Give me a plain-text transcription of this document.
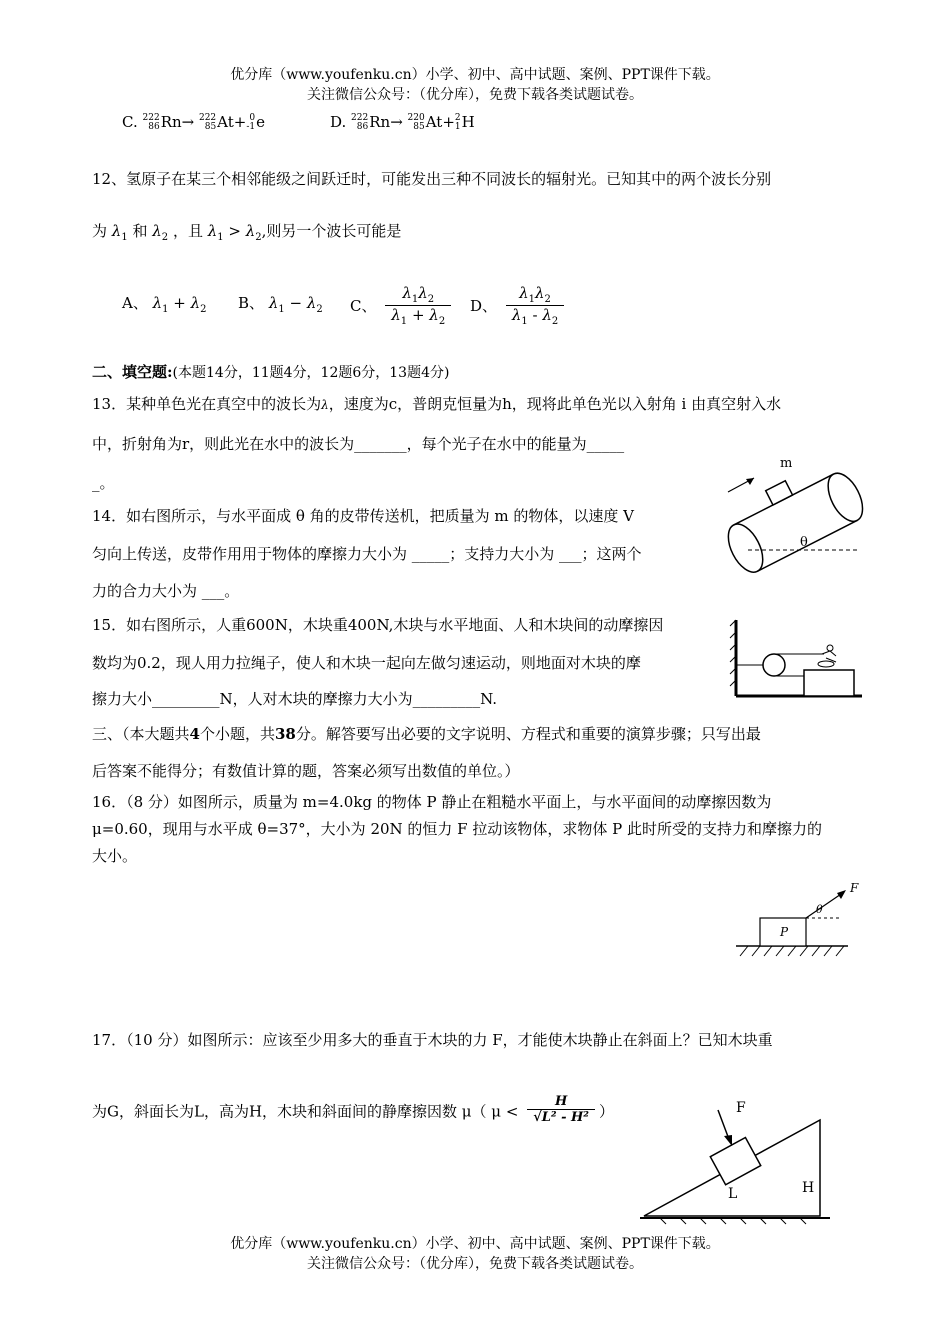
优分库（www.youfenku.cn）小学、初中、高中试题、案例、PPT课件下载。
关注微信公众号：（优分库），免费下载各类试题试卷。
C. 222
86Rn→ 222
85At+ 0
-1e	D. 222
86Rn→ 220
85At+2
1H
12、氢原子在某三个相邻能级之间跃迁时，可能发出三种不同波长的辐射光。已知其中的两个波长分别
为 $\lambda_1$ 和 $\lambda_2$ ，且 $\lambda_1 > \lambda_2$,则另一个波长可能是
A、 $\lambda_1 + \lambda_2$ B、 $\lambda_1 - \lambda_2$ C、 $\frac{\lambda_1\lambda_2}{\lambda_1 + \lambda_2}$ D、 $\frac{\lambda_1\lambda_2}{\lambda_1 - \lambda_2}$
二、填空题:(本题14分，11题4分，12题6分，13题4分)
13．某种单色光在真空中的波长为λ，速度为c，普朗克恒量为h，现将此单色光以入射角 i 由真空射入水
中，折射角为r，则此光在水中的波长为_______，每个光子在水中的能量为_____
_。
14．如右图所示，与水平面成 θ 角的皮带传送机，把质量为 m 的物体，以速度 V
匀向上传送，皮带作用用于物体的摩擦力大小为 _____；支持力大小为 ___；这两个
力的合力大小为 ___。
m
θ
15．如右图所示，人重600N，木块重400N,木块与水平地面、人和木块间的动摩擦因
数均为0.2，现人用力拉绳子，使人和木块一起向左做匀速运动，则地面对木块的摩
擦力大小_________N，人对木块的摩擦力大小为_________N.
三、（本大题共4个小题，共38分。解答要写出必要的文字说明、方程式和重要的演算步骤；只写出最
后答案不能得分；有数值计算的题，答案必须写出数值的单位。）
16．（8 分）如图所示，质量为 m=4.0kg 的物体 P 静止在粗糙水平面上，与水平面间的动摩擦因数为
μ=0.60，现用与水平成 θ=37°，大小为 20N 的恒力 F 拉动该物体，求物体 P 此时所受的支持力和摩擦力的
大小。
P
θ
F
17．（10 分）如图所示：应该至少用多大的垂直于木块的力 F，才能使木块静止在斜面上？已知木块重
为G，斜面长为L，高为H，木块和斜面间的静摩擦因数 μ（ $\mu < \frac{H}{\text{√L² - H²}}$ ）	F
L	H
优分库（www.youfenku.cn）小学、初中、高中试题、案例、PPT课件下载。
关注微信公众号：（优分库），免费下载各类试题试卷。
